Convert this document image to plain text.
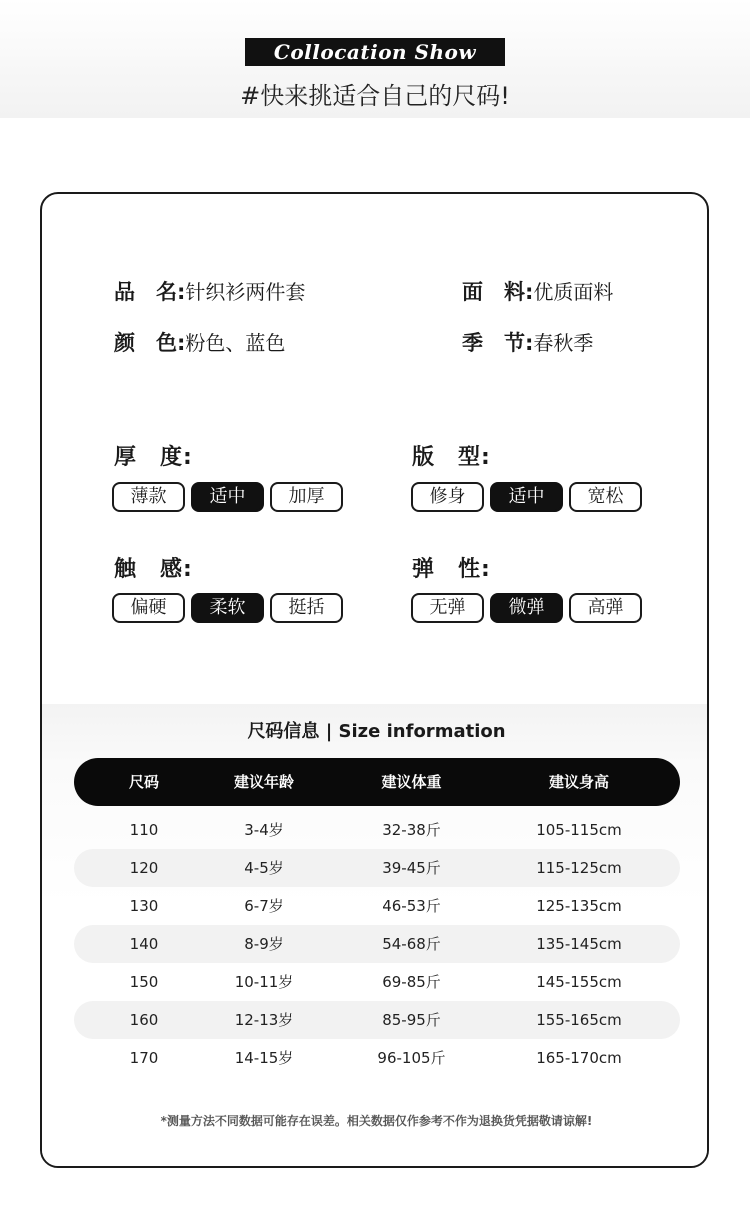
Collocation Show
#快来挑适合自己的尺码!
品　名:针织衫两件套	面　料:优质面料
颜　色:粉色、蓝色	季　节:春秋季
厚　度:
薄款	适中	加厚
版　型:
修身	适中	宽松
触　感:
偏硬	柔软	挺括
弹　性:
无弹	微弹	高弹
尺码信息 | Size information
尺码	建议年龄	建议体重	建议身高
110	3-4岁	32-38斤	105-115cm
120	4-5岁	39-45斤	115-125cm
130	6-7岁	46-53斤	125-135cm
140	8-9岁	54-68斤	135-145cm
150	10-11岁	69-85斤	145-155cm
160	12-13岁	85-95斤	155-165cm
170	14-15岁	96-105斤	165-170cm
*测量方法不同数据可能存在误差。相关数据仅作参考不作为退换货凭据敬请谅解!
